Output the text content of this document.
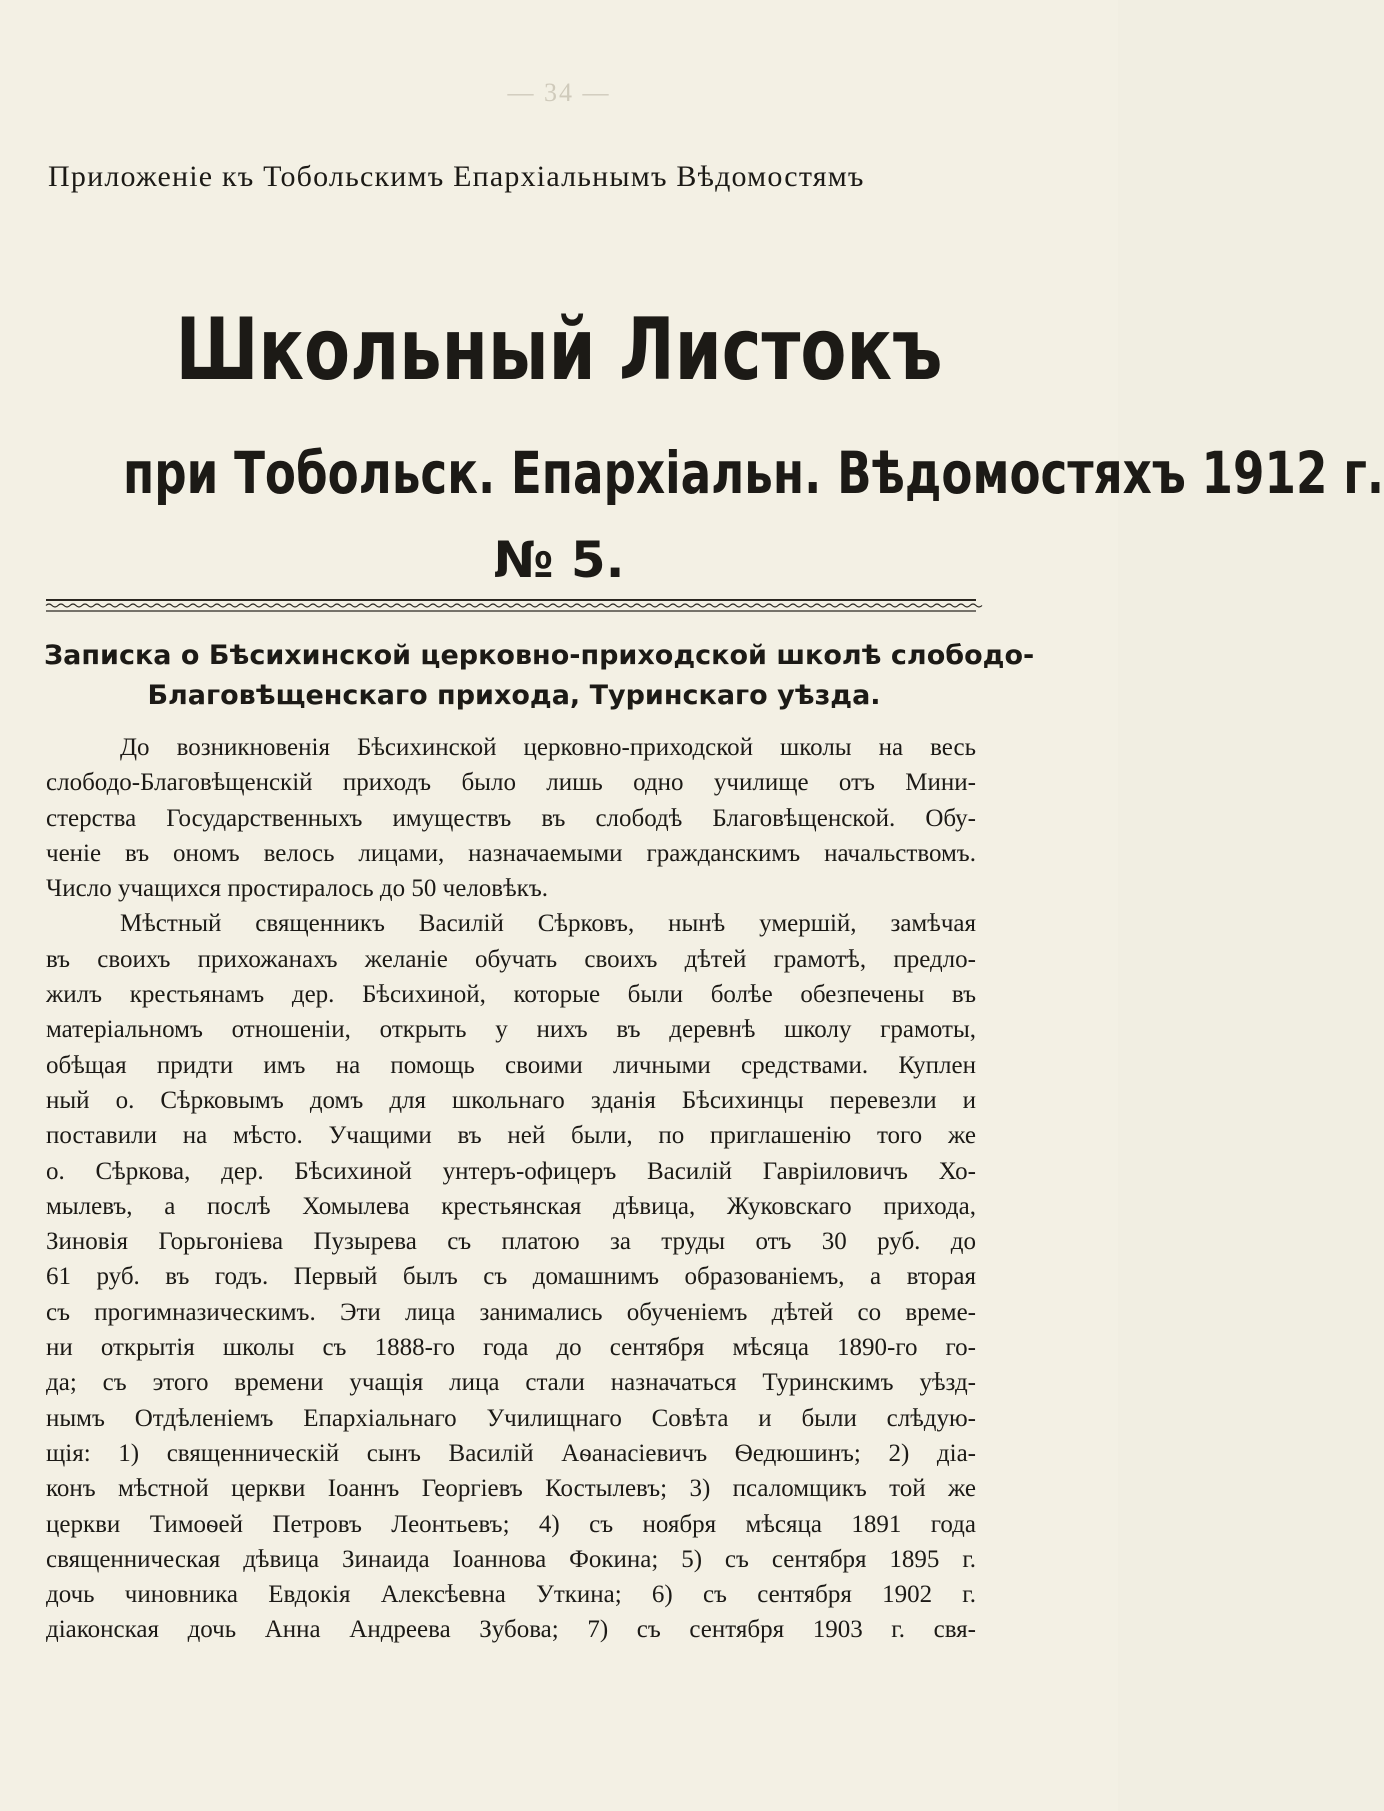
— 34 —
Приложеніе къ Тобольскимъ Епархіальнымъ Вѣдомостямъ
Школьный Листокъ
при Тобольск. Епархіальн. Вѣдомостяхъ 1912 г.
№ 5.
Записка о Бѣсихинской церковно-приходской школѣ слободо-
Благовѣщенскаго прихода, Туринскаго уѣзда.
До возникновенія Бѣсихинской церковно-приходской школы на весь
слободо-Благовѣщенскій приходъ было лишь одно училище отъ Мини-
стерства Государственныхъ имуществъ въ слободѣ Благовѣщенской. Обу-
ченіе въ ономъ велось лицами, назначаемыми гражданскимъ начальствомъ.
Число учащихся простиралось до 50 человѣкъ.
Мѣстный священникъ Василій Сѣрковъ, нынѣ умершій, замѣчая
въ своихъ прихожанахъ желаніе обучать своихъ дѣтей грамотѣ, предло-
жилъ крестьянамъ дер. Бѣсихиной, которые были болѣе обезпечены въ
матеріальномъ отношеніи, открыть у нихъ въ деревнѣ школу грамоты,
обѣщая придти имъ на помощь своими личными средствами. Куплен
ный о. Сѣрковымъ домъ для школьнаго зданія Бѣсихинцы перевезли и
поставили на мѣсто. Учащими въ ней были, по приглашенію того же
о. Сѣркова, дер. Бѣсихиной унтеръ-офицеръ Василій Гавріиловичъ Хо-
мылевъ, а послѣ Хомылева крестьянская дѣвица, Жуковскаго прихода,
Зиновія Горьгоніева Пузырева съ платою за труды отъ 30 руб. до
61 руб. въ годъ. Первый былъ съ домашнимъ образованіемъ, а вторая
съ прогимназическимъ. Эти лица занимались обученіемъ дѣтей со време-
ни открытія школы съ 1888-го года до сентября мѣсяца 1890-го го-
да; съ этого времени учащія лица стали назначаться Туринскимъ уѣзд-
нымъ Отдѣленіемъ Епархіальнаго Училищнаго Совѣта и были слѣдую-
щія: 1) священническій сынъ Василій Аѳанасіевичъ Ѳедюшинъ; 2) діа-
конъ мѣстной церкви Іоаннъ Георгіевъ Костылевъ; 3) псаломщикъ той же
церкви Тимоѳей Петровъ Леонтьевъ; 4) съ ноября мѣсяца 1891 года
священническая дѣвица Зинаида Іоаннова Фокина; 5) съ сентября 1895 г.
дочь чиновника Евдокія Алексѣевна Уткина; 6) съ сентября 1902 г.
діаконская дочь Анна Андреева Зубова; 7) съ сентября 1903 г. свя-
